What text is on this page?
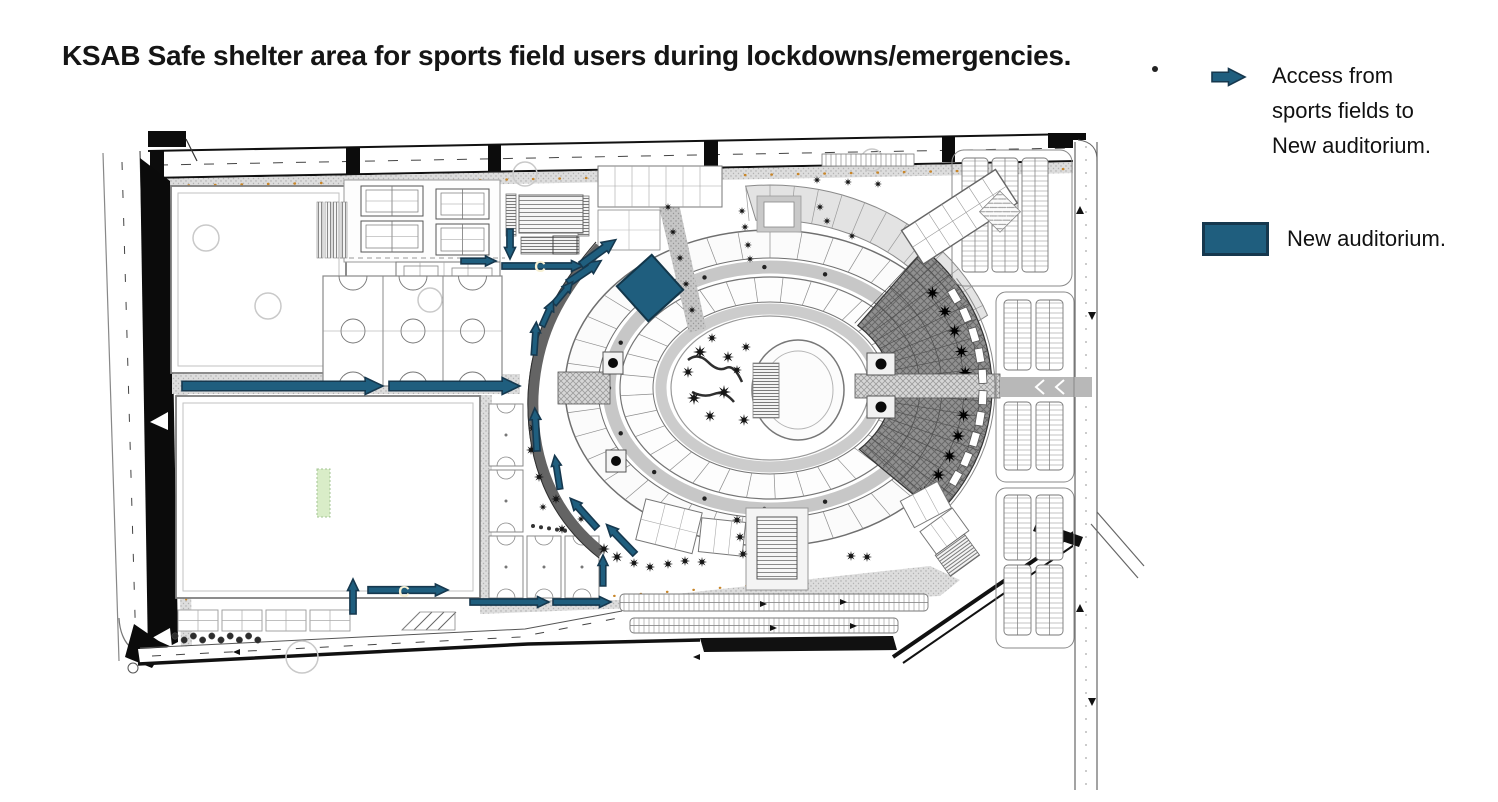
C
C
KSAB Safe shelter area for sports field users during lockdowns/emergencies.
Access from
sports fields to
New auditorium.
New auditorium.
